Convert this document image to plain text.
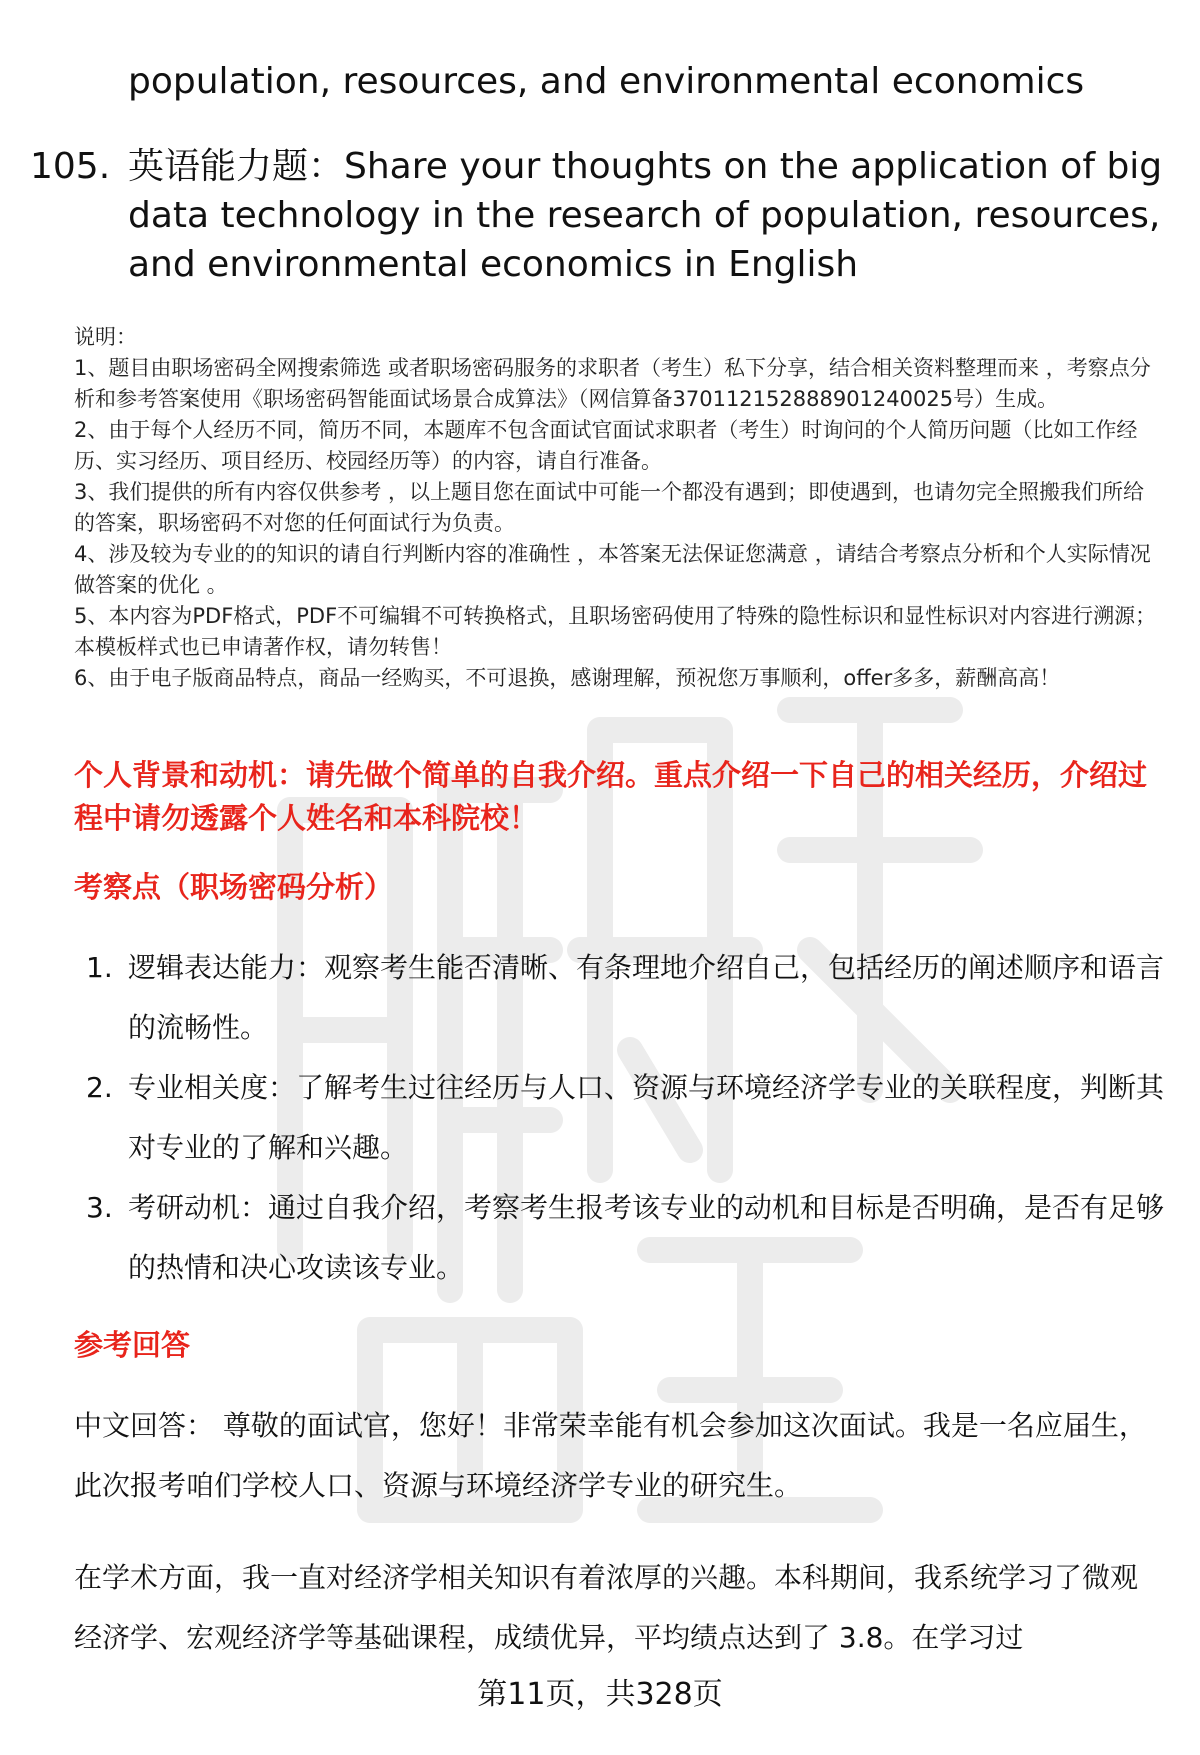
population, resources, and environmental economics
105. 英语能力题：Share your thoughts on the application of big data technology in the research of population, resources, and environmental economics in English

说明：

1、题目由职场密码全网搜索筛选 或者职场密码服务的求职者（考生）私下分享，结合相关资料整理而来 ，考察点分析和参考答案使用《职场密码智能面试场景合成算法》（网信算备370112152888901240025号）生成。

2、由于每个人经历不同，简历不同，本题库不包含面试官面试求职者（考生）时询问的个人简历问题（比如工作经历、实习经历、项目经历、校园经历等）的内容，请自行准备。

3、我们提供的所有内容仅供参考 ，以上题目您在面试中可能一个都没有遇到；即使遇到，也请勿完全照搬我们所给的答案，职场密码不对您的任何面试行为负责。

4、涉及较为专业的的知识的请自行判断内容的准确性 ，本答案无法保证您满意 ，请结合考察点分析和个人实际情况做答案的优化 。

5、本内容为PDF格式，PDF不可编辑不可转换格式，且职场密码使用了特殊的隐性标识和显性标识对内容进行溯源；本模板样式也已申请著作权，请勿转售！

6、由于电子版商品特点，商品一经购买，不可退换，感谢理解，预祝您万事顺利，offer多多，薪酬高高！

个人背景和动机：请先做个简单的自我介绍。重点介绍一下自己的相关经历，介绍过程中请勿透露个人姓名和本科院校！
考察点（职场密码分析）
1. 逻辑表达能力：观察考生能否清晰、有条理地介绍自己，包括经历的阐述顺序和语言的流畅性。
2. 专业相关度：了解考生过往经历与人口、资源与环境经济学专业的关联程度，判断其对专业的了解和兴趣。
3. 考研动机：通过自我介绍，考察考生报考该专业的动机和目标是否明确，是否有足够的热情和决心攻读该专业。
参考回答
中文回答： 尊敬的面试官，您好！非常荣幸能有机会参加这次面试。我是一名应届生，此次报考咱们学校人口、资源与环境经济学专业的研究生。
在学术方面，我一直对经济学相关知识有着浓厚的兴趣。本科期间，我系统学习了微观经济学、宏观经济学等基础课程，成绩优异，平均绩点达到了 3.8。在学习过
第11页，共328页
